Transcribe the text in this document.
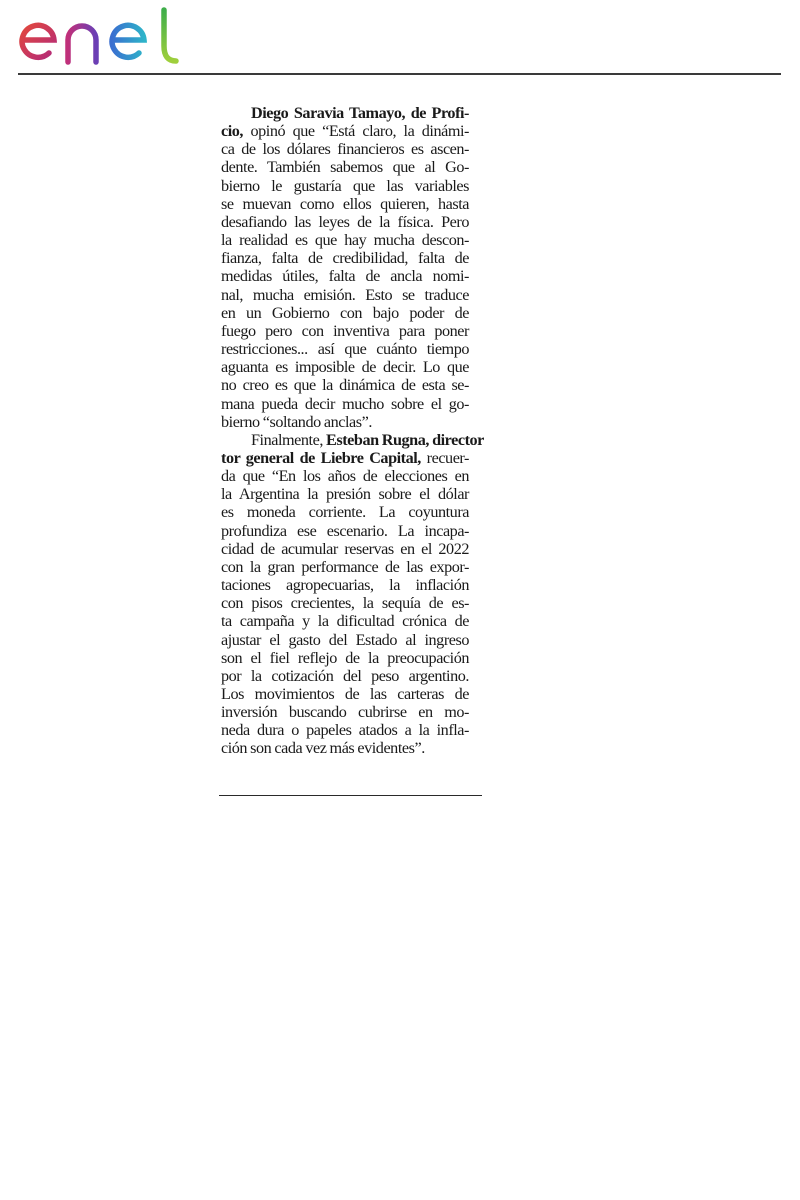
Diego Saravia Tamayo, de Profi-
cio, opinó que “Está claro, la dinámi-
ca de los dólares financieros es ascen-
dente. También sabemos que al Go-
bierno le gustaría que las variables
se muevan como ellos quieren, hasta
desafiando las leyes de la física. Pero
la realidad es que hay mucha descon-
fianza, falta de credibilidad, falta de
medidas útiles, falta de ancla nomi-
nal, mucha emisión. Esto se traduce
en un Gobierno con bajo poder de
fuego pero con inventiva para poner
restricciones... así que cuánto tiempo
aguanta es imposible de decir. Lo que
no creo es que la dinámica de esta se-
mana pueda decir mucho sobre el go-
bierno “soltando anclas”.
Finalmente, Esteban Rugna, director
tor general de Liebre Capital, recuer-
da que “En los años de elecciones en
la Argentina la presión sobre el dólar
es moneda corriente. La coyuntura
profundiza ese escenario. La incapa-
cidad de acumular reservas en el 2022
con la gran performance de las expor-
taciones agropecuarias, la inflación
con pisos crecientes, la sequía de es-
ta campaña y la dificultad crónica de
ajustar el gasto del Estado al ingreso
son el fiel reflejo de la preocupación
por la cotización del peso argentino.
Los movimientos de las carteras de
inversión buscando cubrirse en mo-
neda dura o papeles atados a la infla-
ción son cada vez más evidentes”.
